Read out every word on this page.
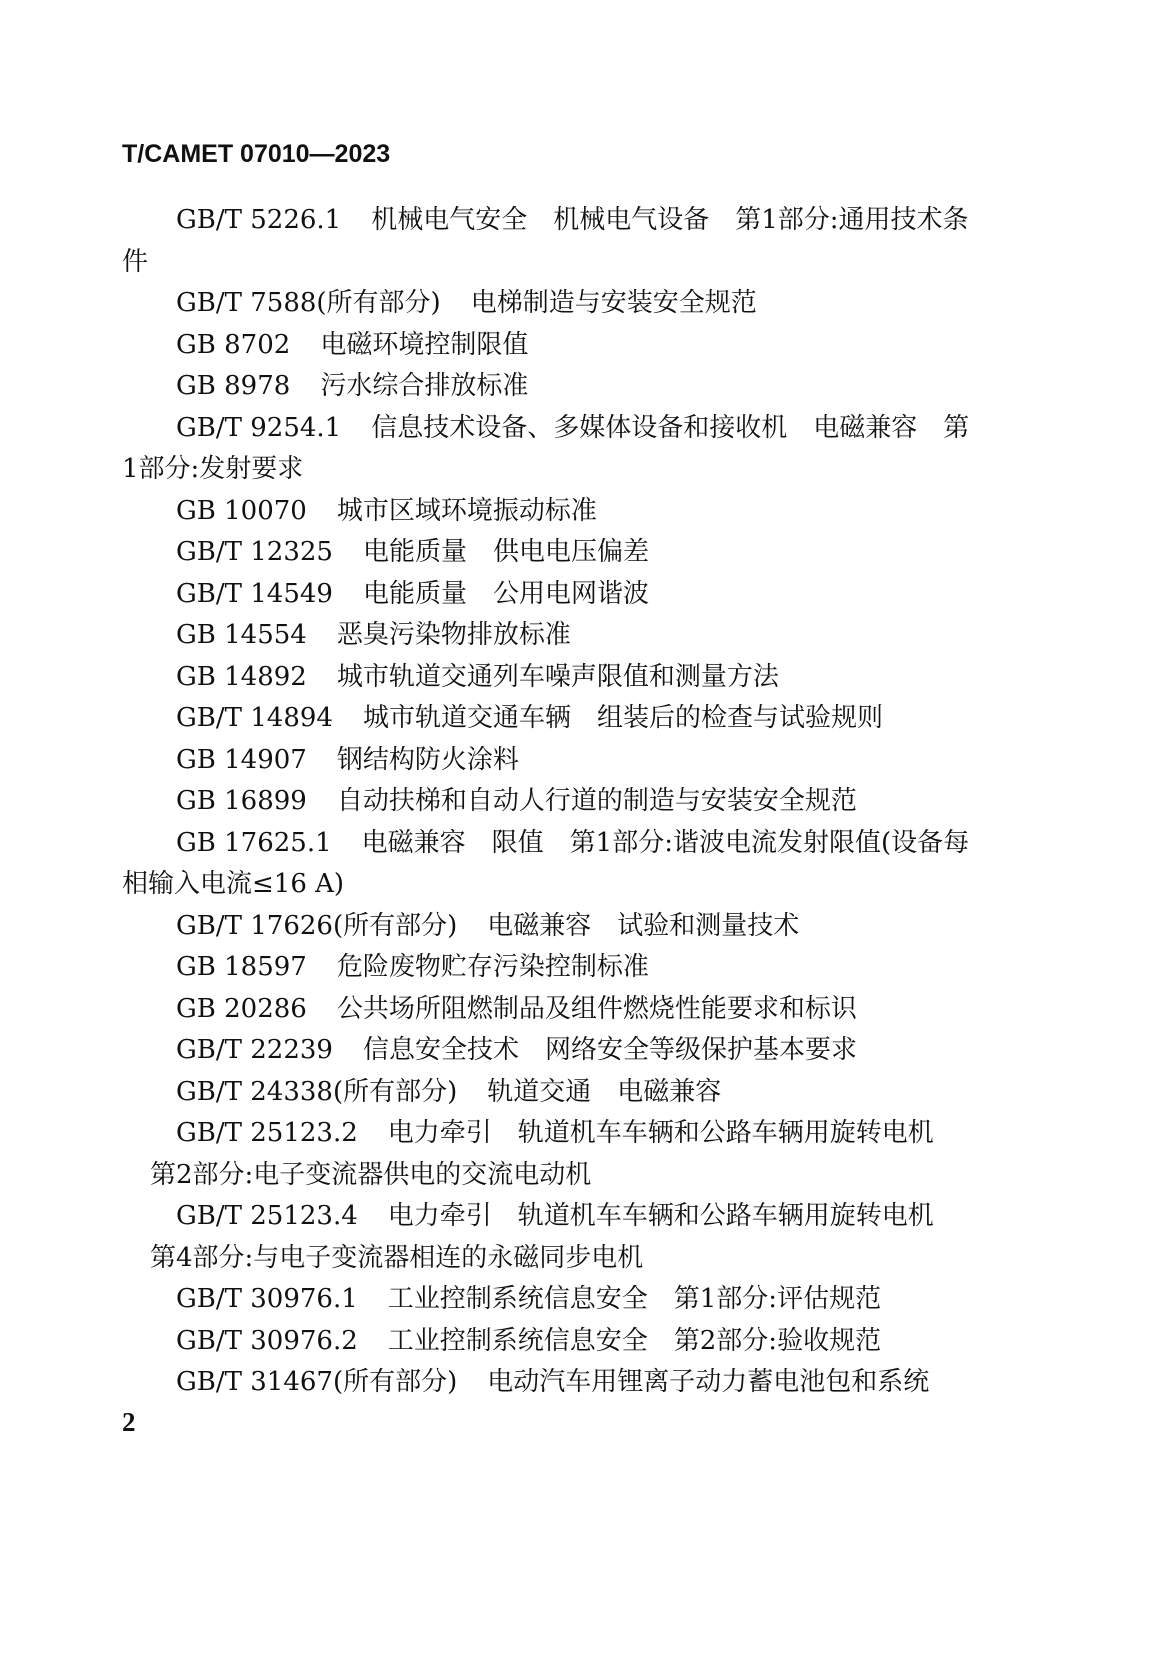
T/CAMET 07010—2023

GB/T 5226.1 机械电气安全　机械电气设备　第1部分:通用技术条件

GB/T 7588(所有部分) 电梯制造与安装安全规范

GB 8702 电磁环境控制限值

GB 8978 污水综合排放标准

GB/T 9254.1 信息技术设备、多媒体设备和接收机　电磁兼容　第1部分:发射要求

GB 10070 城市区域环境振动标准

GB/T 12325 电能质量　供电电压偏差

GB/T 14549 电能质量　公用电网谐波

GB 14554 恶臭污染物排放标准

GB 14892 城市轨道交通列车噪声限值和测量方法

GB/T 14894 城市轨道交通车辆　组装后的检查与试验规则

GB 14907 钢结构防火涂料

GB 16899 自动扶梯和自动人行道的制造与安装安全规范

GB 17625.1 电磁兼容　限值　第1部分:谐波电流发射限值(设备每相输入电流≤16 A)

GB/T 17626(所有部分) 电磁兼容　试验和测量技术

GB 18597 危险废物贮存污染控制标准

GB 20286 公共场所阻燃制品及组件燃烧性能要求和标识

GB/T 22239 信息安全技术　网络安全等级保护基本要求

GB/T 24338(所有部分) 轨道交通　电磁兼容

GB/T 25123.2 电力牵引　轨道机车车辆和公路车辆用旋转电机　第2部分:电子变流器供电的交流电动机

GB/T 25123.4 电力牵引　轨道机车车辆和公路车辆用旋转电机　第4部分:与电子变流器相连的永磁同步电机

GB/T 30976.1 工业控制系统信息安全　第1部分:评估规范

GB/T 30976.2 工业控制系统信息安全　第2部分:验收规范

GB/T 31467(所有部分) 电动汽车用锂离子动力蓄电池包和系统

2
